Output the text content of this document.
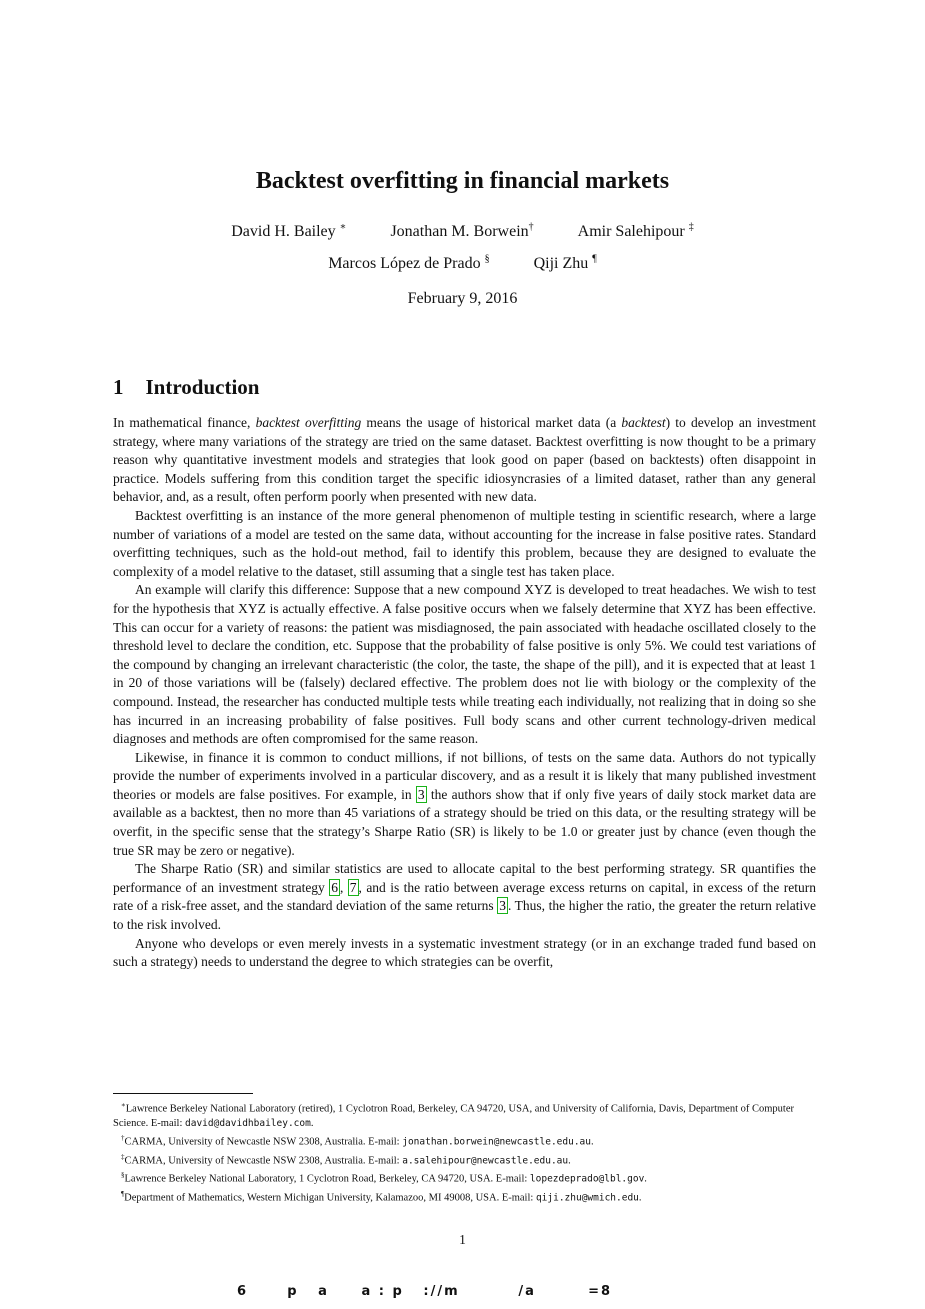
Backtest overfitting in financial markets
David H. Bailey ∗	Jonathan M. Borwein†	Amir Salehipour ‡
Marcos López de Prado §	Qiji Zhu ¶
February 9, 2016
1 Introduction

In mathematical finance, backtest overfitting means the usage of historical market data (a backtest) to develop an investment strategy, where many variations of the strategy are tried on the same dataset. Backtest overfitting is now thought to be a primary reason why quantitative investment models and strategies that look good on paper (based on backtests) often disappoint in practice. Models suffering from this condition target the specific idiosyncrasies of a limited dataset, rather than any general behavior, and, as a result, often perform poorly when presented with new data.

Backtest overfitting is an instance of the more general phenomenon of multiple testing in scientific research, where a large number of variations of a model are tested on the same data, without accounting for the increase in false positive rates. Standard overfitting techniques, such as the hold-out method, fail to identify this problem, because they are designed to evaluate the complexity of a model relative to the dataset, still assuming that a single test has taken place.

An example will clarify this difference: Suppose that a new compound XYZ is developed to treat headaches. We wish to test for the hypothesis that XYZ is actually effective. A false positive occurs when we falsely determine that XYZ has been effective. This can occur for a variety of reasons: the patient was misdiagnosed, the pain associated with headache oscillated closely to the threshold level to declare the condition, etc. Suppose that the probability of false positive is only 5%. We could test variations of the compound by changing an irrelevant characteristic (the color, the taste, the shape of the pill), and it is expected that at least 1 in 20 of those variations will be (falsely) declared effective. The problem does not lie with biology or the complexity of the compound. Instead, the researcher has conducted multiple tests while treating each individually, not realizing that in doing so she has incurred in an increasing probability of false positives. Full body scans and other current technology-driven medical diagnoses and methods are often compromised for the same reason.

Likewise, in finance it is common to conduct millions, if not billions, of tests on the same data. Authors do not typically provide the number of experiments involved in a particular discovery, and as a result it is likely that many published investment theories or models are false positives. For example, in 3 the authors show that if only five years of daily stock market data are available as a backtest, then no more than 45 variations of a strategy should be tried on this data, or the resulting strategy will be overfit, in the specific sense that the strategy’s Sharpe Ratio (SR) is likely to be 1.0 or greater just by chance (even though the true SR may be zero or negative).

The Sharpe Ratio (SR) and similar statistics are used to allocate capital to the best performing strategy. SR quantifies the performance of an investment strategy 6 , 7 , and is the ratio between average excess returns on capital, in excess of the return rate of a risk-free asset, and the standard deviation of the same returns 3 . Thus, the higher the ratio, the greater the return relative to the risk involved.

Anyone who develops or even merely invests in a systematic investment strategy (or in an exchange traded fund based on such a strategy) needs to understand the degree to which strategies can be overfit,

∗Lawrence Berkeley National Laboratory (retired), 1 Cyclotron Road, Berkeley, CA 94720, USA, and University of California, Davis, Department of Computer Science. E-mail: david@davidhbailey.com.
†CARMA, University of Newcastle NSW 2308, Australia. E-mail: jonathan.borwein@newcastle.edu.au.
‡CARMA, University of Newcastle NSW 2308, Australia. E-mail: a.salehipour@newcastle.edu.au.
§Lawrence Berkeley National Laboratory, 1 Cyclotron Road, Berkeley, CA 94720, USA. E-mail: lopezdeprado@lbl.gov.
¶Department of Mathematics, Western Michigan University, Kalamazoo, MI 49008, USA. E-mail: qiji.zhu@wmich.edu.
1
6      p   a     a : p   ://m         /a        =8
